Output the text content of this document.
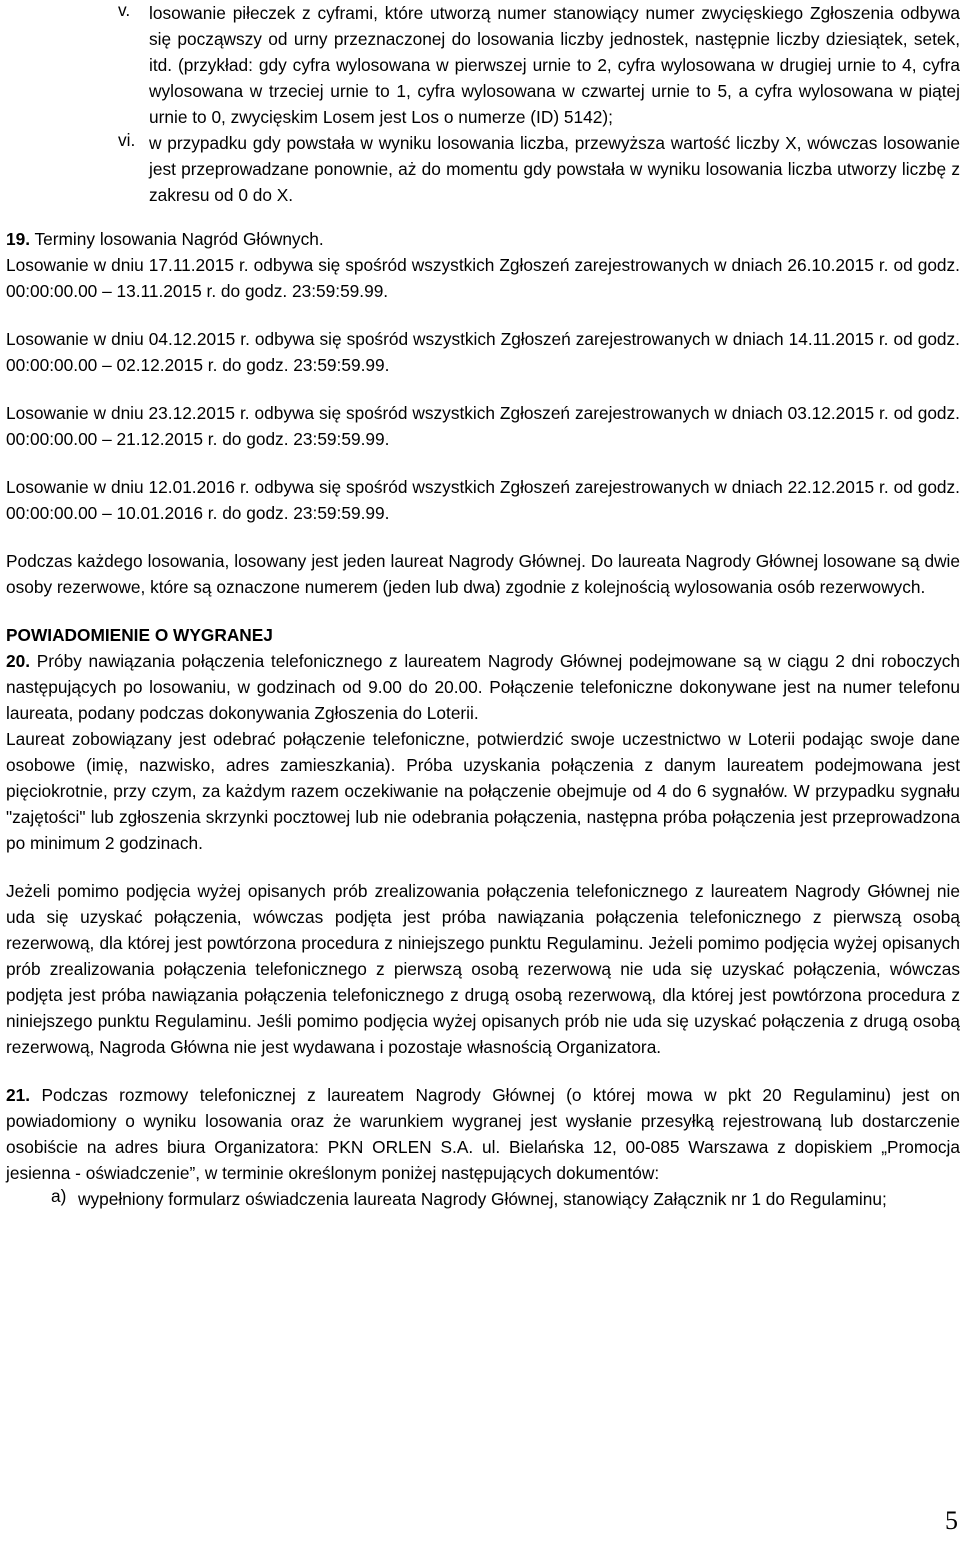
v.	losowanie piłeczek z cyframi, które utworzą numer stanowiący numer zwycięskiego Zgłoszenia odbywa się począwszy od urny przeznaczonej do losowania liczby jednostek, następnie liczby dziesiątek, setek, itd. (przykład: gdy cyfra wylosowana w pierwszej urnie to 2, cyfra wylosowana w drugiej urnie to 4, cyfra wylosowana w trzeciej urnie to 1, cyfra wylosowana w czwartej urnie to 5, a cyfra wylosowana w piątej urnie to 0, zwycięskim Losem jest Los o numerze (ID) 5142);

vi. w przypadku gdy powstała w wyniku losowania liczba, przewyższa wartość liczby X, wówczas losowanie jest przeprowadzane ponownie, aż do momentu gdy powstała w wyniku losowania liczba utworzy liczbę z zakresu od 0 do X.

19. Terminy losowania Nagród Głównych.

Losowanie w dniu 17.11.2015 r. odbywa się spośród wszystkich Zgłoszeń zarejestrowanych w dniach 26.10.2015 r. od godz. 00:00:00.00 – 13.11.2015 r. do godz. 23:59:59.99.

Losowanie w dniu 04.12.2015 r. odbywa się spośród wszystkich Zgłoszeń zarejestrowanych w dniach 14.11.2015 r. od godz. 00:00:00.00 – 02.12.2015 r. do godz. 23:59:59.99.

Losowanie w dniu 23.12.2015 r. odbywa się spośród wszystkich Zgłoszeń zarejestrowanych w dniach 03.12.2015 r. od godz. 00:00:00.00 – 21.12.2015 r. do godz. 23:59:59.99.

Losowanie w dniu 12.01.2016 r. odbywa się spośród wszystkich Zgłoszeń zarejestrowanych w dniach 22.12.2015 r. od godz. 00:00:00.00 – 10.01.2016 r. do godz. 23:59:59.99.

Podczas każdego losowania, losowany jest jeden laureat Nagrody Głównej. Do laureata Nagrody Głównej losowane są dwie osoby rezerwowe, które są oznaczone numerem (jeden lub dwa) zgodnie z kolejnością wylosowania osób rezerwowych.

POWIADOMIENIE O WYGRANEJ

20. Próby nawiązania połączenia telefonicznego z laureatem Nagrody Głównej podejmowane są w ciągu 2 dni roboczych następujących po losowaniu, w godzinach od 9.00 do 20.00. Połączenie telefoniczne dokonywane jest na numer telefonu laureata, podany podczas dokonywania Zgłoszenia do Loterii.

Laureat zobowiązany jest odebrać połączenie telefoniczne, potwierdzić swoje uczestnictwo w Loterii podając swoje dane osobowe (imię, nazwisko, adres zamieszkania). Próba uzyskania połączenia z danym laureatem podejmowana jest pięciokrotnie, przy czym, za każdym razem oczekiwanie na połączenie obejmuje od 4 do 6 sygnałów. W przypadku sygnału "zajętości" lub zgłoszenia skrzynki pocztowej lub nie odebrania połączenia, następna próba połączenia jest przeprowadzona po minimum 2 godzinach.

Jeżeli pomimo podjęcia wyżej opisanych prób zrealizowania połączenia telefonicznego z laureatem Nagrody Głównej nie uda się uzyskać połączenia, wówczas podjęta jest próba nawiązania połączenia telefonicznego z pierwszą osobą rezerwową, dla której jest powtórzona procedura z niniejszego punktu Regulaminu. Jeżeli pomimo podjęcia wyżej opisanych prób zrealizowania połączenia telefonicznego z pierwszą osobą rezerwową nie uda się uzyskać połączenia, wówczas podjęta jest próba nawiązania połączenia telefonicznego z drugą osobą rezerwową, dla której jest powtórzona procedura z niniejszego punktu Regulaminu. Jeśli pomimo podjęcia wyżej opisanych prób nie uda się uzyskać połączenia z drugą osobą rezerwową, Nagroda Główna nie jest wydawana i pozostaje własnością Organizatora.

21. Podczas rozmowy telefonicznej z laureatem Nagrody Głównej (o której mowa w pkt 20 Regulaminu) jest on powiadomiony o wyniku losowania oraz że warunkiem wygranej jest wysłanie przesyłką rejestrowaną lub dostarczenie osobiście na adres biura Organizatora: PKN ORLEN S.A. ul. Bielańska 12, 00-085 Warszawa z dopiskiem „Promocja jesienna - oświadczenie”, w terminie określonym poniżej następujących dokumentów:

a) wypełniony formularz oświadczenia laureata Nagrody Głównej, stanowiący Załącznik nr 1 do Regulaminu;

5
